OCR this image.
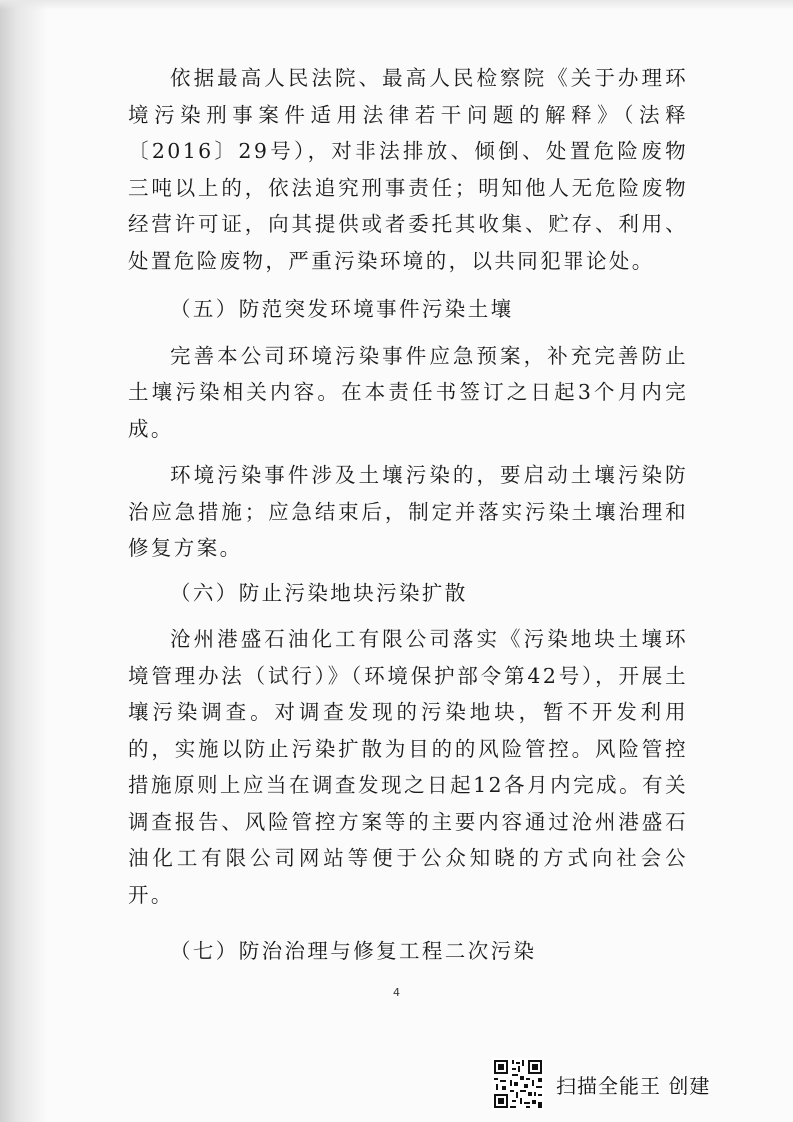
依据最高人民法院、最高人民检察院《关于办理环境污染刑事案件适用法律若干问题的解释》（法释〔2016〕29号），对非法排放、倾倒、处置危险废物三吨以上的，依法追究刑事责任；明知他人无危险废物经营许可证，向其提供或者委托其收集、贮存、利用、处置危险废物，严重污染环境的，以共同犯罪论处。

（五）防范突发环境事件污染土壤

完善本公司环境污染事件应急预案，补充完善防止土壤污染相关内容。在本责任书签订之日起3个月内完成。

环境污染事件涉及土壤污染的，要启动土壤污染防治应急措施；应急结束后，制定并落实污染土壤治理和修复方案。

（六）防止污染地块污染扩散

沧州港盛石油化工有限公司落实《污染地块土壤环境管理办法（试行）》（环境保护部令第42号），开展土壤污染调查。对调查发现的污染地块，暂不开发利用的，实施以防止污染扩散为目的的风险管控。风险管控措施原则上应当在调查发现之日起12各月内完成。有关调查报告、风险管控方案等的主要内容通过沧州港盛石油化工有限公司网站等便于公众知晓的方式向社会公开。

（七）防治治理与修复工程二次污染

4
扫描全能王 创建
